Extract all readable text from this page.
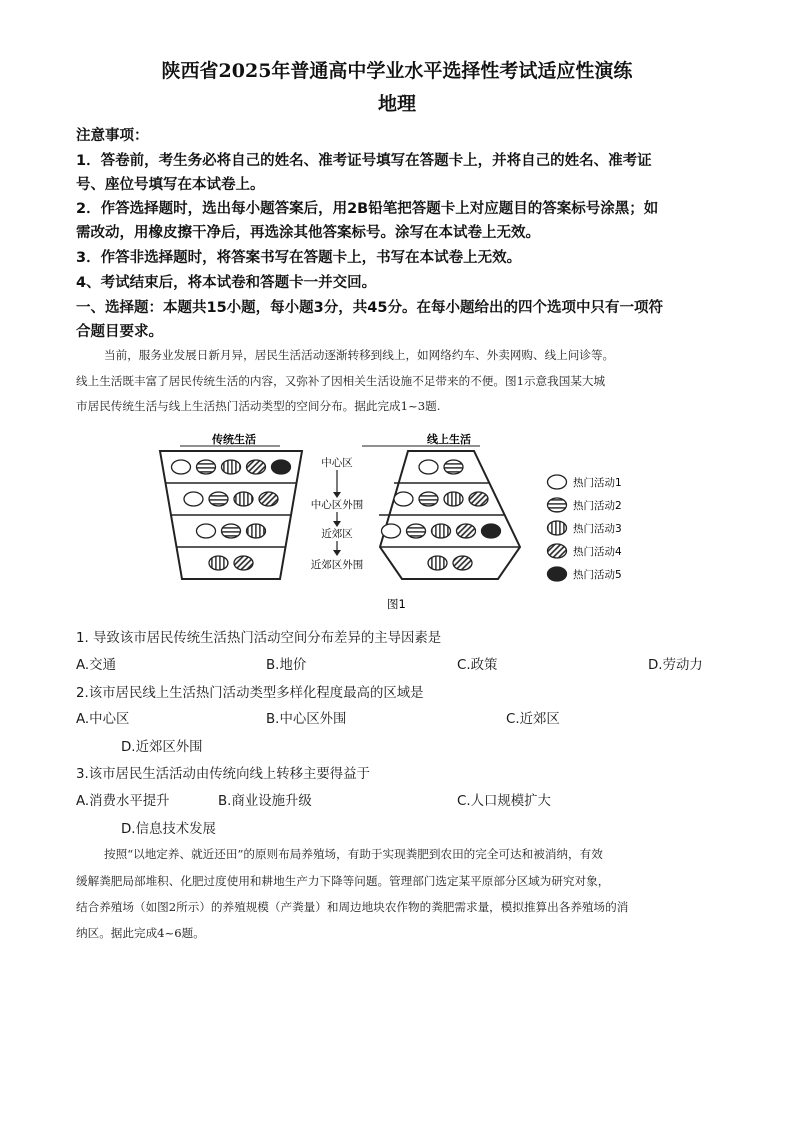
陕西省2025年普通高中学业水平选择性考试适应性演练
地理
注意事项：
1．答卷前，考生务必将自己的姓名、准考证号填写在答题卡上，并将自己的姓名、准考证
号、座位号填写在本试卷上。
2．作答选择题时，选出每小题答案后，用2B铅笔把答题卡上对应题目的答案标号涂黑；如
需改动，用橡皮擦干净后，再选涂其他答案标号。涂写在本试卷上无效。
3．作答非选择题时，将答案书写在答题卡上，书写在本试卷上无效。
4、考试结束后，将本试卷和答题卡一并交回。
一、选择题：本题共15小题，每小题3分，共45分。在每小题给出的四个选项中只有一项符
合题目要求。
当前，服务业发展日新月异，居民生活活动逐渐转移到线上，如网络约车、外卖网购、线上问诊等。
线上生活既丰富了居民传统生活的内容，又弥补了因相关生活设施不足带来的不便。图1示意我国某大城
市居民传统生活与线上生活热门活动类型的空间分布。据此完成1~3题.
传统生活
中心区
中心区外围
近郊区
近郊区外围
线上生活
热门活动1
热门活动2
热门活动3
热门活动4
热门活动5
图1
1. 导致该市居民传统生活热门活动空间分布差异的主导因素是
A.交通	B.地价	C.政策	D.劳动力
2.该市居民线上生活热门活动类型多样化程度最高的区域是
A.中心区	B.中心区外围	C.近郊区
D.近郊区外围
3.该市居民生活活动由传统向线上转移主要得益于
A.消费水平提升	B.商业设施升级	C.人口规模扩大
D.信息技术发展
按照“以地定养、就近还田”的原则布局养殖场，有助于实现粪肥到农田的完全可达和被消纳，有效
缓解粪肥局部堆积、化肥过度使用和耕地生产力下降等问题。管理部门选定某平原部分区域为研究对象，
结合养殖场（如图2所示）的养殖规模（产粪量）和周边地块农作物的粪肥需求量，模拟推算出各养殖场的消
纳区。据此完成4~6题。
